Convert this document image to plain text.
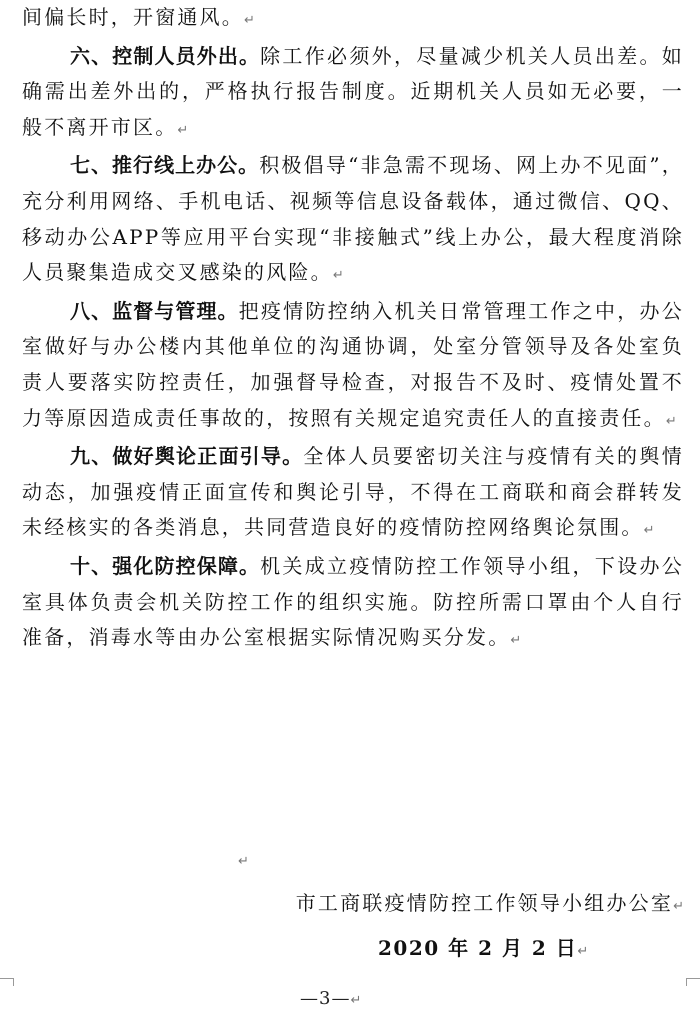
间偏长时，开窗通风。↵

六、控制人员外出。除工作必须外，尽量减少机关人员出差。如确需出差外出的，严格执行报告制度。近期机关人员如无必要，一般不离开市区。↵

七、推行线上办公。积极倡导“非急需不现场、网上办不见面”，充分利用网络、手机电话、视频等信息设备载体，通过微信、QQ、移动办公APP等应用平台实现“非接触式”线上办公，最大程度消除人员聚集造成交叉感染的风险。↵

八、监督与管理。把疫情防控纳入机关日常管理工作之中，办公室做好与办公楼内其他单位的沟通协调，处室分管领导及各处室负责人要落实防控责任，加强督导检查，对报告不及时、疫情处置不力等原因造成责任事故的，按照有关规定追究责任人的直接责任。↵

九、做好舆论正面引导。全体人员要密切关注与疫情有关的舆情动态，加强疫情正面宣传和舆论引导，不得在工商联和商会群转发未经核实的各类消息，共同营造良好的疫情防控网络舆论氛围。↵

十、强化防控保障。机关成立疫情防控工作领导小组，下设办公室具体负责会机关防控工作的组织实施。防控所需口罩由个人自行准备，消毒水等由办公室根据实际情况购买分发。↵

↵
市工商联疫情防控工作领导小组办公室↵
2020 年 2 月 2 日↵
—3—↵
